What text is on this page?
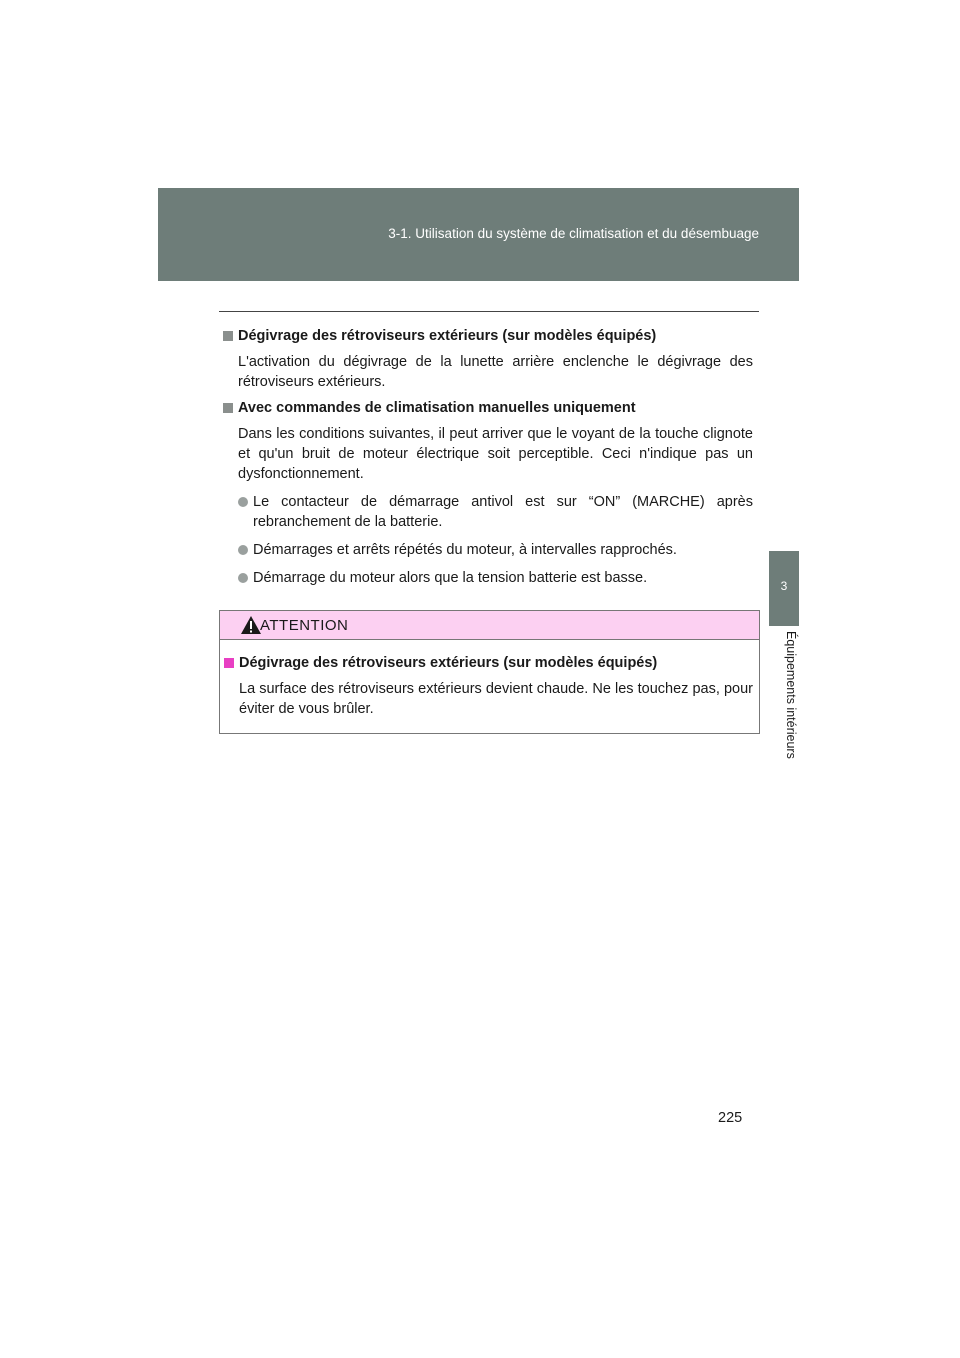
3-1. Utilisation du système de climatisation et du désembuage
3
Équipements intérieurs
Dégivrage des rétroviseurs extérieurs (sur modèles équipés)
L'activation du dégivrage de la lunette arrière enclenche le dégivrage des rétroviseurs extérieurs.
Avec commandes de climatisation manuelles uniquement
Dans les conditions suivantes, il peut arriver que le voyant de la touche clignote et qu'un bruit de moteur électrique soit perceptible. Ceci n'indique pas un dysfonctionnement.
Le contacteur de démarrage antivol est sur “ON” (MARCHE) après rebranchement de la batterie.
Démarrages et arrêts répétés du moteur, à intervalles rapprochés.
Démarrage du moteur alors que la tension batterie est basse.
ATTENTION
Dégivrage des rétroviseurs extérieurs (sur modèles équipés)
La surface des rétroviseurs extérieurs devient chaude. Ne les touchez pas, pour éviter de vous brûler.
225
